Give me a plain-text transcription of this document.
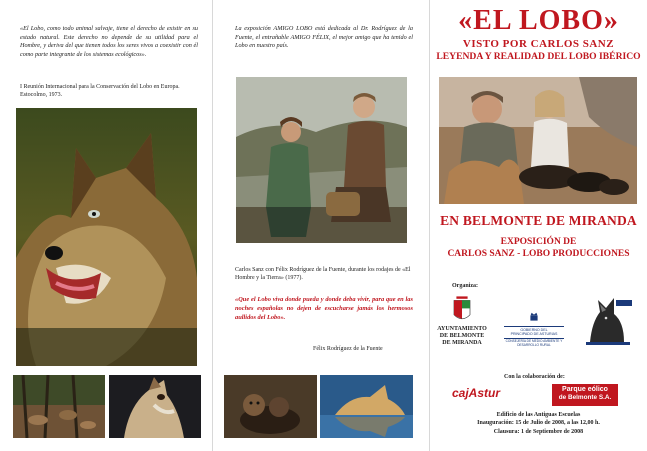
«El Lobo, como todo animal salvaje, tiene el derecho de existir en su estado natural. Este derecho no depende de su utilidad para el Hombre, y deriva del que tienen todos los seres vivos a coexistir con él como parte integrante de los sistemas ecológicos».

I Reunión Internacional para la Conservación del Lobo en Europa. Estocolmo, 1973.

La exposición AMIGO LOBO está dedicada al Dr. Rodríguez de la Fuente, el entrañable AMIGO FÉLIX, el mejor amigo que ha tenido el Lobo en nuestro país.

Carlos Sanz con Félix Rodríguez de la Fuente, durante los rodajes de «El Hombre y la Tierra» (1977).

«Que el Lobo viva donde pueda y donde deba vivir, para que en las noches españolas no dejen de escucharse jamás los hermosos aullidos del Lobo».

Félix Rodríguez de la Fuente

«EL LOBO»
VISTO POR CARLOS SANZ
LEYENDA Y REALIDAD DEL LOBO IBÉRICO
EN BELMONTE DE MIRANDA
EXPOSICIÓN DE
CARLOS SANZ - LOBO PRODUCCIONES
Organiza:
AYUNTAMIENTO
DE BELMONTE
DE MIRANDA
GOBIERNO DEL
PRINCIPADO DE ASTURIAS
CONSEJERÍA DE MEDIO AMBIENTE Y DESARROLLO RURAL
Con la colaboración de:
cajAstur	Parque eólico
de Belmonte S.A.
Edificio de las Antiguas Escuelas
Inauguración: 15 de Julio de 2008, a las 12,00 h.
Clausura: 1 de Septiembre de 2008
